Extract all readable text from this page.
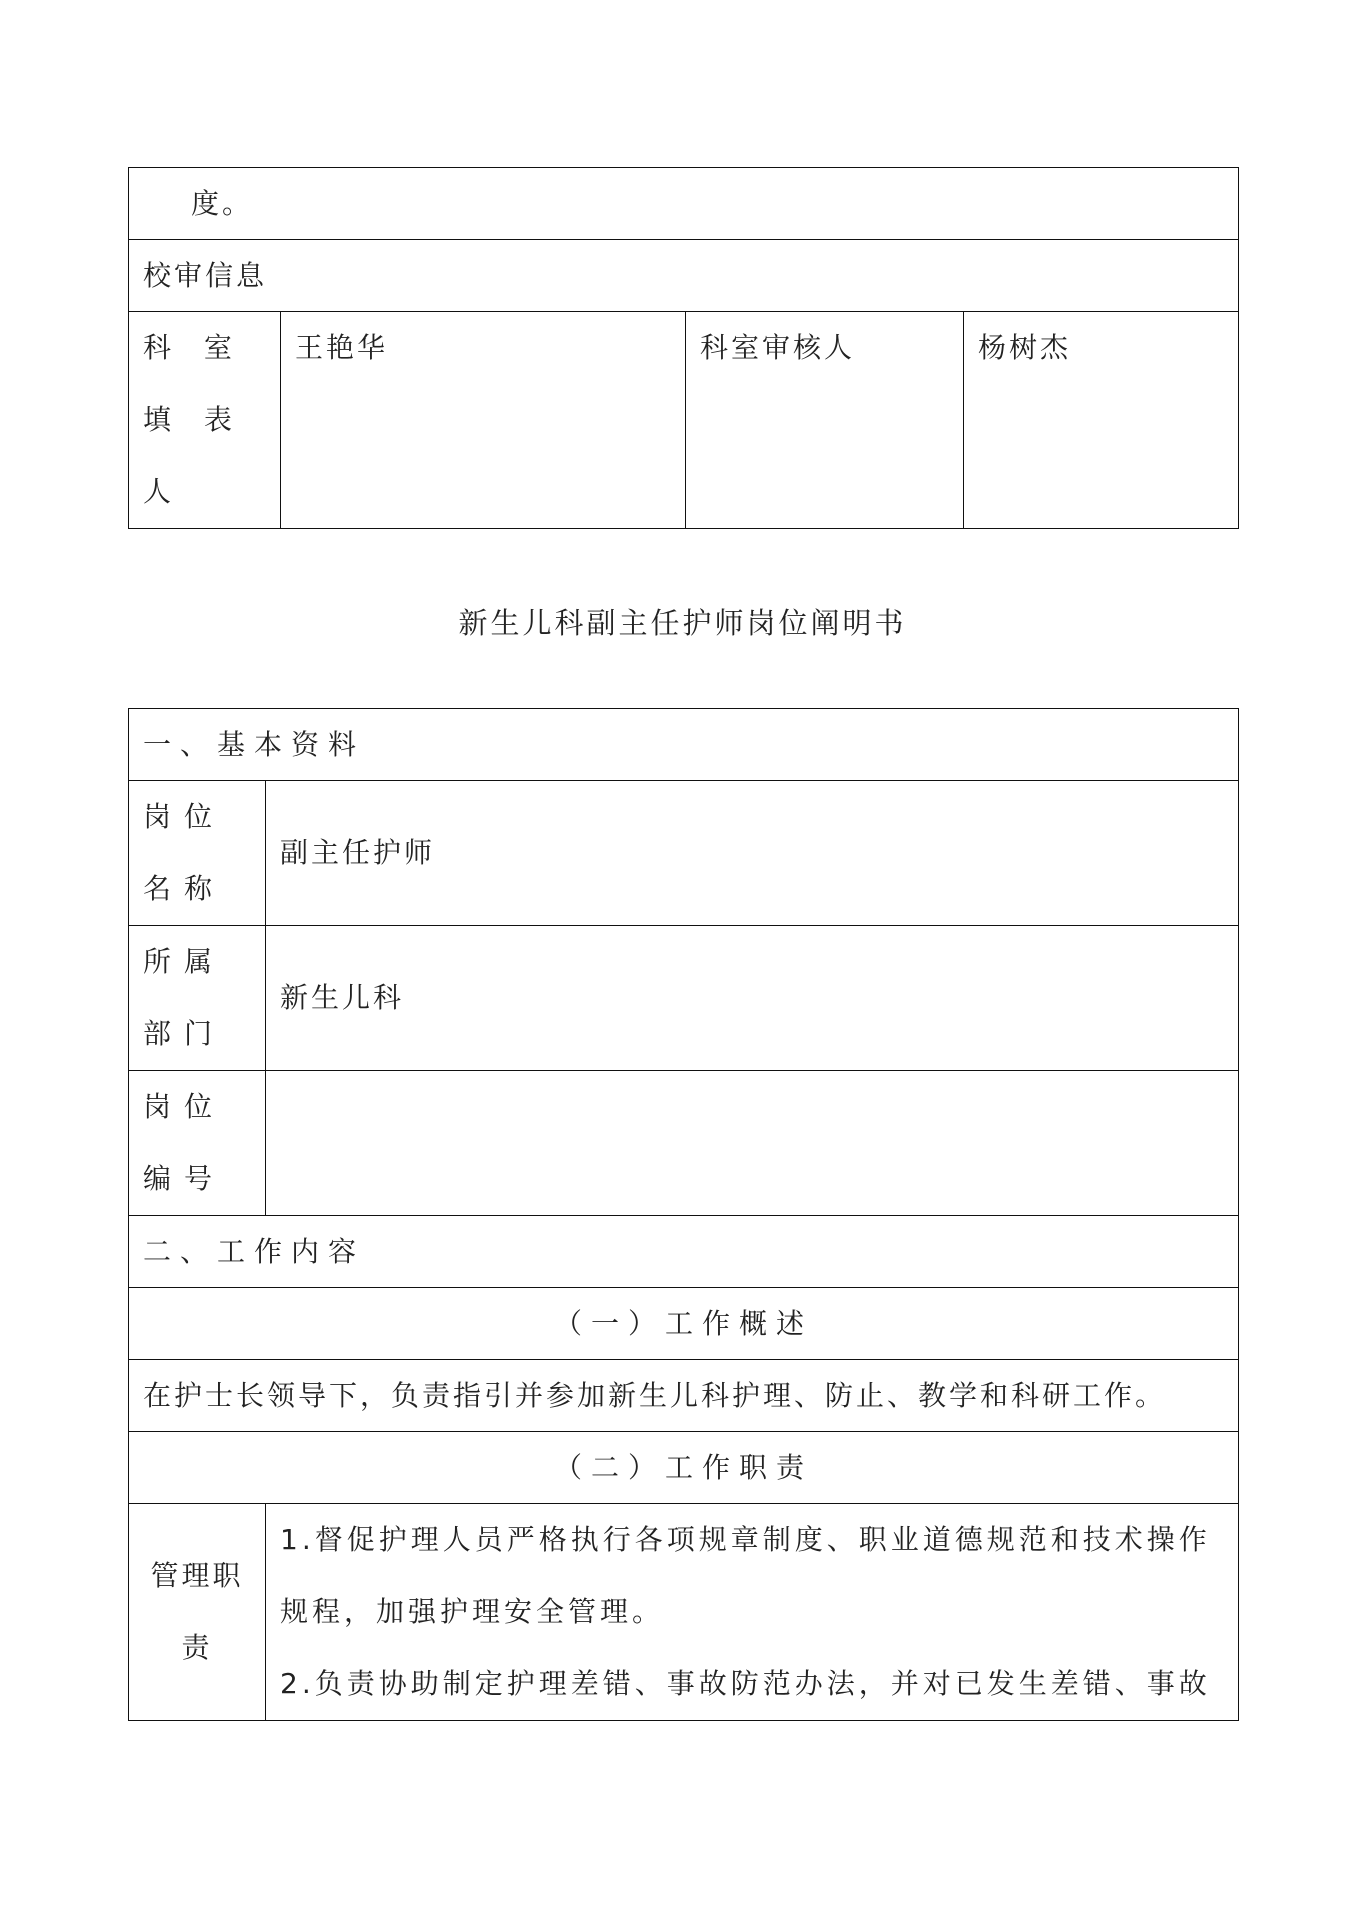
度。
校审信息
科 室 填 表人	王艳华	科室审核人	杨树杰
新生儿科副主任护师岗位阐明书
一、基本资料	
岗位名称	副主任护师
所属部门	新生儿科
岗位编号	
二、工作内容	
（一）工作概述	
在护士长领导下，负责指引并参加新生儿科护理、防止、教学和科研工作。	
（二）工作职责	
管理职责	1.督促护理人员严格执行各项规章制度、职业道德规范和技术操作规程，加强护理安全管理。

2.负责协助制定护理差错、事故防范办法，并对已发生差错、事故
